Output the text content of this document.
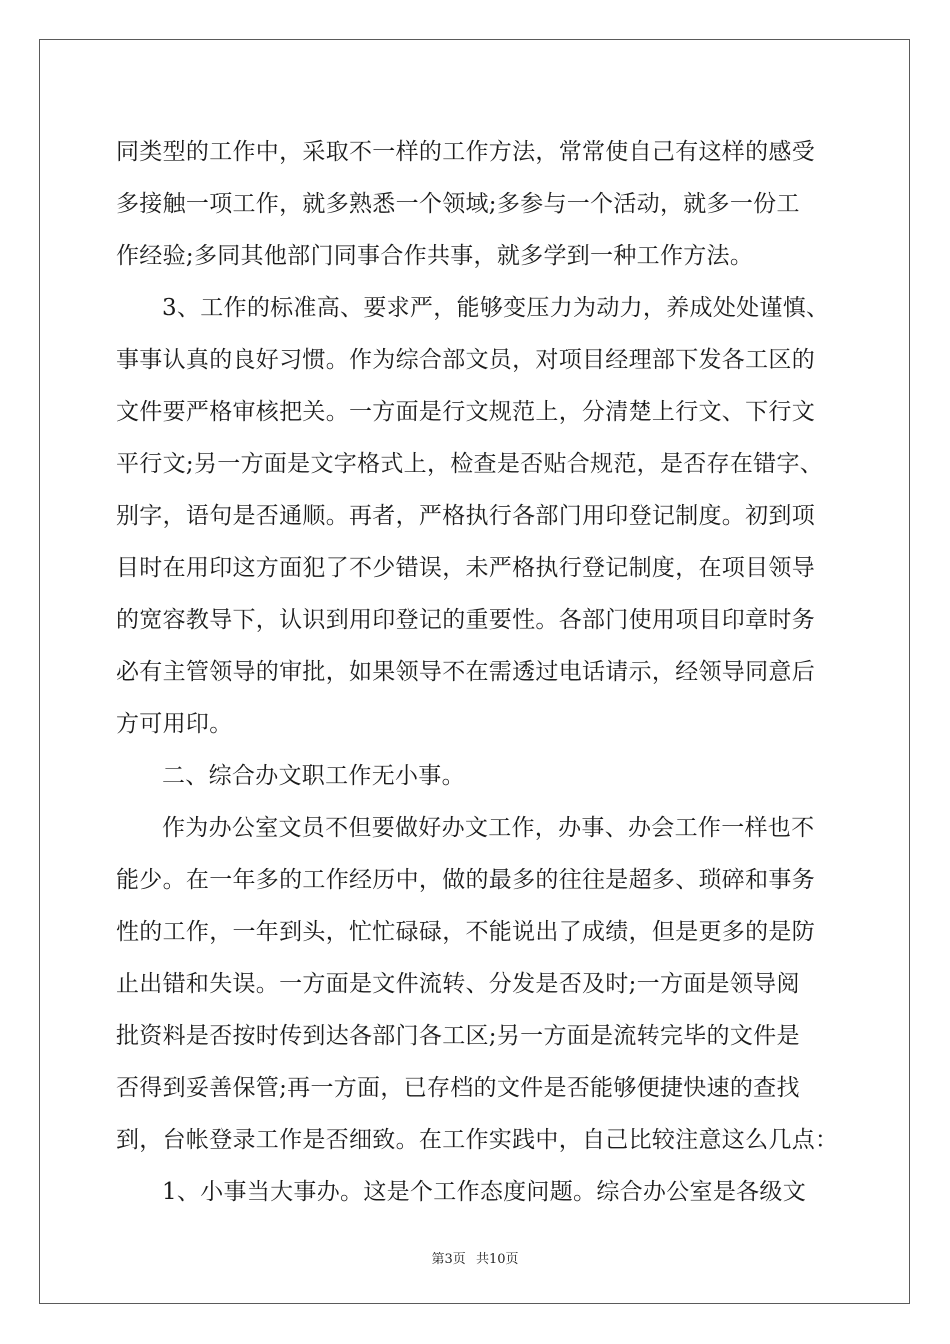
同类型的工作中，采取不一样的工作方法，常常使自己有这样的感受
多接触一项工作，就多熟悉一个领域;多参与一个活动，就多一份工
作经验;多同其他部门同事合作共事，就多学到一种工作方法。
3、工作的标准高、要求严，能够变压力为动力，养成处处谨慎、
事事认真的良好习惯。作为综合部文员，对项目经理部下发各工区的
文件要严格审核把关。一方面是行文规范上，分清楚上行文、下行文
平行文;另一方面是文字格式上，检查是否贴合规范，是否存在错字、
别字，语句是否通顺。再者，严格执行各部门用印登记制度。初到项
目时在用印这方面犯了不少错误，未严格执行登记制度，在项目领导
的宽容教导下，认识到用印登记的重要性。各部门使用项目印章时务
必有主管领导的审批，如果领导不在需透过电话请示，经领导同意后
方可用印。
二、综合办文职工作无小事。
作为办公室文员不但要做好办文工作，办事、办会工作一样也不
能少。在一年多的工作经历中，做的最多的往往是超多、琐碎和事务
性的工作，一年到头，忙忙碌碌，不能说出了成绩，但是更多的是防
止出错和失误。一方面是文件流转、分发是否及时;一方面是领导阅
批资料是否按时传到达各部门各工区;另一方面是流转完毕的文件是
否得到妥善保管;再一方面，已存档的文件是否能够便捷快速的查找
到，台帐登录工作是否细致。在工作实践中，自己比较注意这么几点：
1、小事当大事办。这是个工作态度问题。综合办公室是各级文
第3页 共10页
